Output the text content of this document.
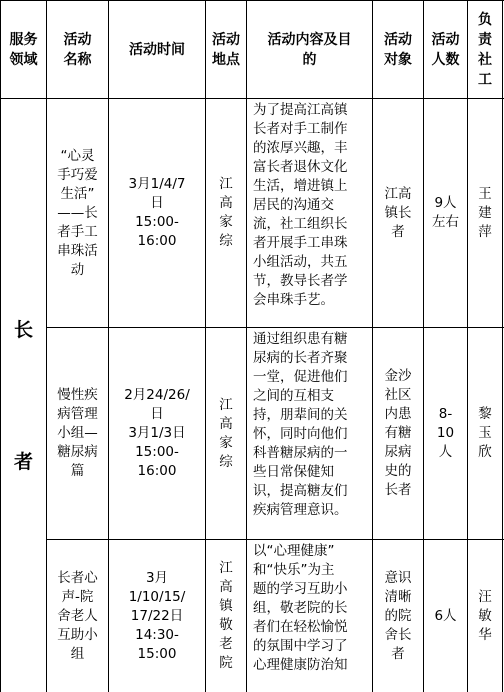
服务
领域
活动
名称
活动时间
活动
地点
活动内容及目
的
活动
对象
活动
人数
负
责
社
工
长

者
“心灵
手巧爱
生活”
——长
者手工
串珠活
动
3月1/4/7
日
15:00-
16:00
江
高
家
综
为了提高江高镇
长者对手工制作
的浓厚兴趣，丰
富长者退休文化
生活，增进镇上
居民的沟通交
流，社工组织长
者开展手工串珠
小组活动，共五
节，教导长者学
会串珠手艺。
江高
镇长
者
9人
左右
王
建
萍
慢性疾
病管理
小组—
糖尿病
篇
2月24/26/
日
3月1/3日
15:00-
16:00
江
高
家
综
通过组织患有糖
尿病的长者齐聚
一堂，促进他们
之间的互相支
持，朋辈间的关
怀，同时向他们
科普糖尿病的一
些日常保健知
识，提高糖友们
疾病管理意识。
金沙
社区
内患
有糖
尿病
史的
长者
8-
10
人
黎
玉
欣
长者心
声-院
舍老人
互助小
组
3月
1/10/15/
17/22日
14:30-
15:00
江
高
镇
敬
老
院
以“心理健康”
和“快乐”为主
题的学习互助小
组，敬老院的长
者们在轻松愉悦
的氛围中学习了
心理健康防治知
意识
清晰
的院
舍长
者
6人
汪
敏
华
